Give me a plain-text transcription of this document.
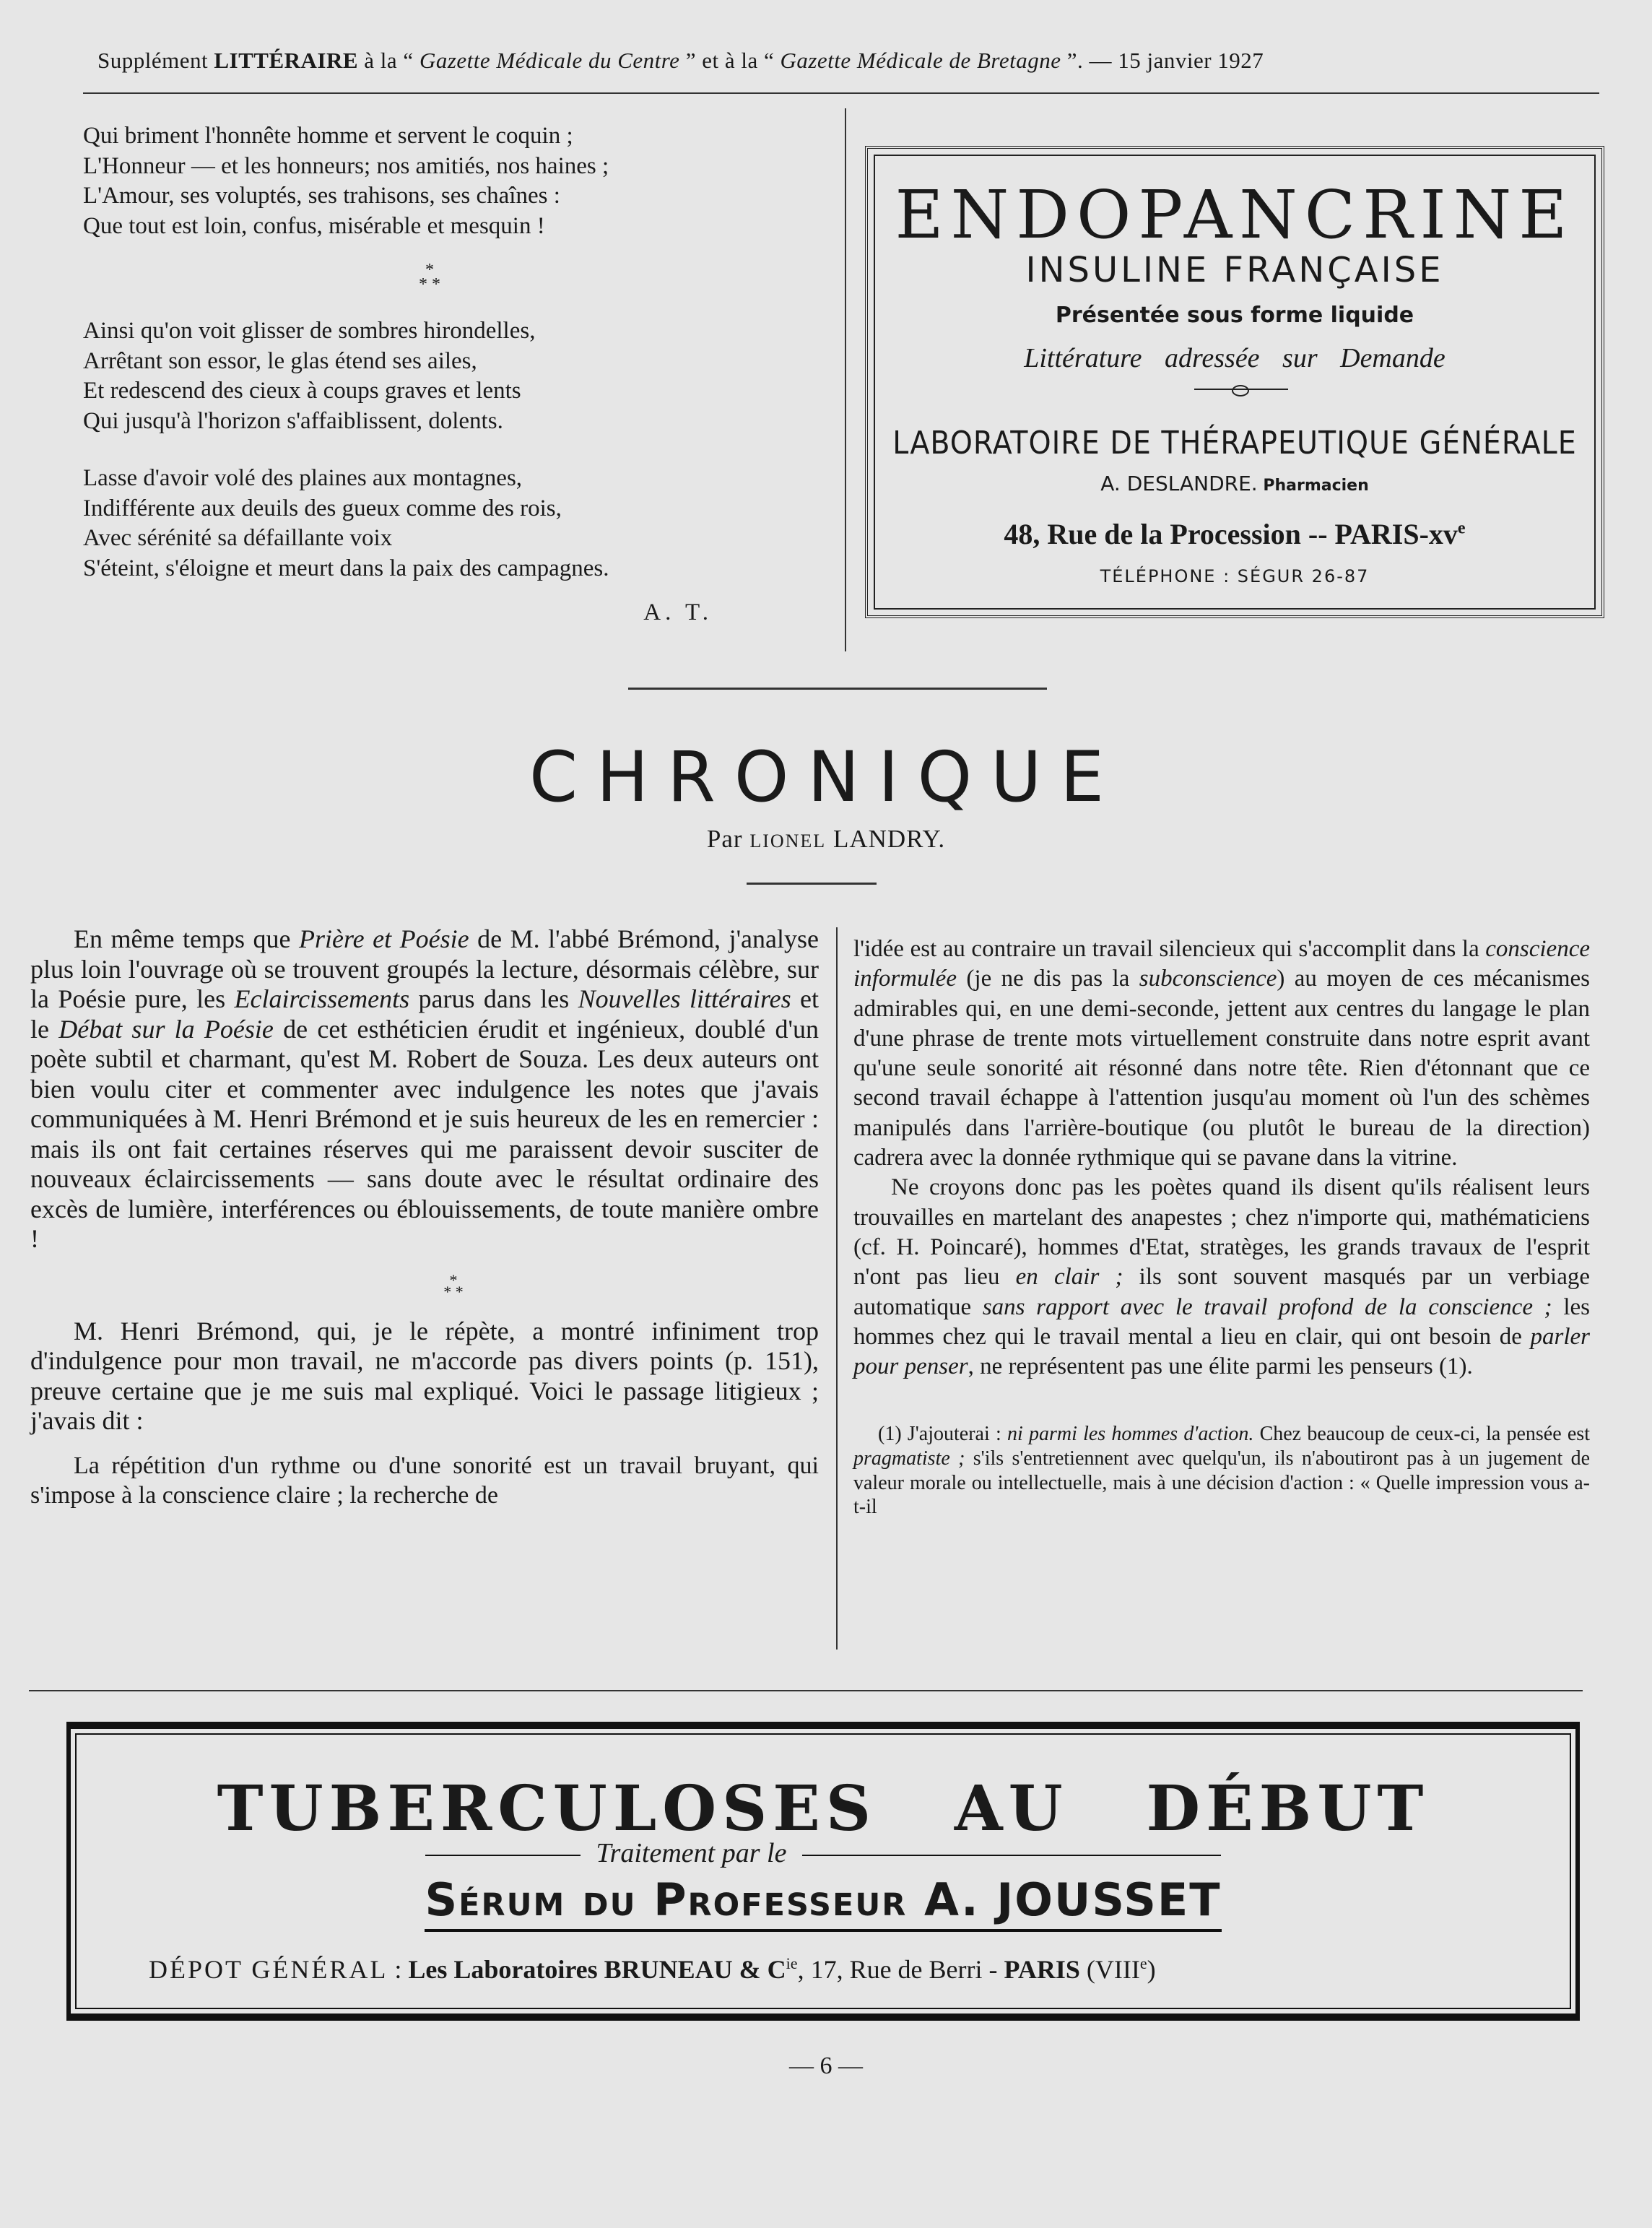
Supplément LITTÉRAIRE à la “ Gazette Médicale du Centre ” et à la “ Gazette Médicale de Bretagne ”. — 15 janvier 1927
Qui briment l'honnête homme et servent le coquin ;
L'Honneur — et les honneurs; nos amitiés, nos haines ;
L'Amour, ses voluptés, ses trahisons, ses chaînes :
Que tout est loin, confus, misérable et mesquin !
*
* *
Ainsi qu'on voit glisser de sombres hirondelles,
Arrêtant son essor, le glas étend ses ailes,
Et redescend des cieux à coups graves et lents
Qui jusqu'à l'horizon s'affaiblissent, dolents.
Lasse d'avoir volé des plaines aux montagnes,
Indifférente aux deuils des gueux comme des rois,
Avec sérénité sa défaillante voix
S'éteint, s'éloigne et meurt dans la paix des campagnes.
A. T.
ENDOPANCRINE
INSULINE FRANÇAISE
Présentée sous forme liquide
Littérature adressée sur Demande
LABORATOIRE DE THÉRAPEUTIQUE GÉNÉRALE
A. DESLANDRE. Pharmacien
48, Rue de la Procession -- PARIS-$xv^e$
TÉLÉPHONE : SÉGUR 26-87
CHRONIQUE
Par LIONEL LANDRY.

En même temps que Prière et Poésie de M. l'abbé Brémond, j'analyse plus loin l'ouvrage où se trouvent groupés la lecture, désormais célèbre, sur la Poésie pure, les Eclaircissements parus dans les Nouvelles littéraires et le Débat sur la Poésie de cet esthéticien érudit et ingénieux, doublé d'un poète subtil et charmant, qu'est M. Robert de Souza. Les deux auteurs ont bien voulu citer et commenter avec indulgence les notes que j'avais communiquées à M. Henri Brémond et je suis heureux de les en remercier : mais ils ont fait certaines réserves qui me paraissent devoir susciter de nouveaux éclaircissements — sans doute avec le résultat ordinaire des excès de lumière, interférences ou éblouissements, de toute manière ombre !

*
* *

M. Henri Brémond, qui, je le répète, a montré infiniment trop d'indulgence pour mon travail, ne m'accorde pas divers points (p. 151), preuve certaine que je me suis mal expliqué. Voici le passage litigieux ; j'avais dit :

La répétition d'un rythme ou d'une sonorité est un travail bruyant, qui s'impose à la conscience claire ; la recherche de

l'idée est au contraire un travail silencieux qui s'accomplit dans la conscience informulée (je ne dis pas la subconscience) au moyen de ces mécanismes admirables qui, en une demi-seconde, jettent aux centres du langage le plan d'une phrase de trente mots virtuellement construite dans notre esprit avant qu'une seule sonorité ait résonné dans notre tête. Rien d'étonnant que ce second travail échappe à l'attention jusqu'au moment où l'un des schèmes manipulés dans l'arrière-boutique (ou plutôt le bureau de la direction) cadrera avec la donnée rythmique qui se pavane dans la vitrine.

Ne croyons donc pas les poètes quand ils disent qu'ils réalisent leurs trouvailles en martelant des anapestes ; chez n'importe qui, mathématiciens (cf. H. Poincaré), hommes d'Etat, stratèges, les grands travaux de l'esprit n'ont pas lieu en clair ; ils sont souvent masqués par un verbiage automatique sans rapport avec le travail profond de la conscience ; les hommes chez qui le travail mental a lieu en clair, qui ont besoin de parler pour penser, ne représentent pas une élite parmi les penseurs (1).

(1) J'ajouterai : ni parmi les hommes d'action. Chez beaucoup de ceux-ci, la pensée est pragmatiste ; s'ils s'entretiennent avec quelqu'un, ils n'aboutiront pas à un jugement de valeur morale ou intellectuelle, mais à une décision d'action : « Quelle impression vous a-t-il

TUBERCULOSES AU DÉBUT
Traitement par le
Sérum du Professeur A. JOUSSET
DÉPOT GÉNÉRAL : Les Laboratoires BRUNEAU & $C^{ie}$, 17, Rue de Berri - PARIS (VIIIe)
— 6 —
